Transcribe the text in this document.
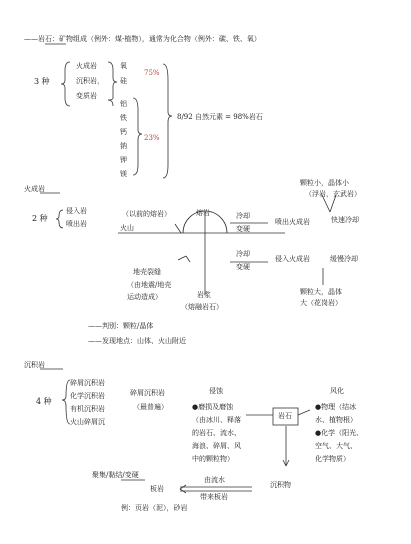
——岩石：矿物组成（例外：煤-植物），通常为化合物（例外：碳、铁、氧）
3 种
火成岩
沉积岩，
变质岩
氧
硅
75%
铝
铁
钙
钠
钾
镁
23%
8/92 自然元素 = 98%岩石
火成岩
2 种
侵入岩
喷出岩
（以前的熔岩）
火山
熔岩	冷却
变硬
喷出火成岩	快速冷却
颗粒小，晶体小
（浮岩，玄武岩）
冷却
变硬
侵入火成岩	缓慢冷却
颗粒大，晶体
大（花岗岩）
地壳裂缝
（由地震/地壳
运动造成）	岩浆
（熔融岩石）
——判别：颗粒/晶体
——发现地点：山体、火山附近
沉积岩
4 种
碎屑沉积岩
化学沉积岩
有机沉积岩
火山碎屑沉
碎屑沉积岩
（最普遍）
侵蚀
●磨损及磨蚀
（由冰川、释落
的岩石、流水、
海浪、碎屑、风
中的颗粒物）
岩石
风化
●物理（结冰
水、植物根）
●化学（阳光、
空气、大气、
化学物质）
聚集/黏结/变硬
板岩
由流水
带来板岩
沉积物
例：页岩（泥），砂岩
